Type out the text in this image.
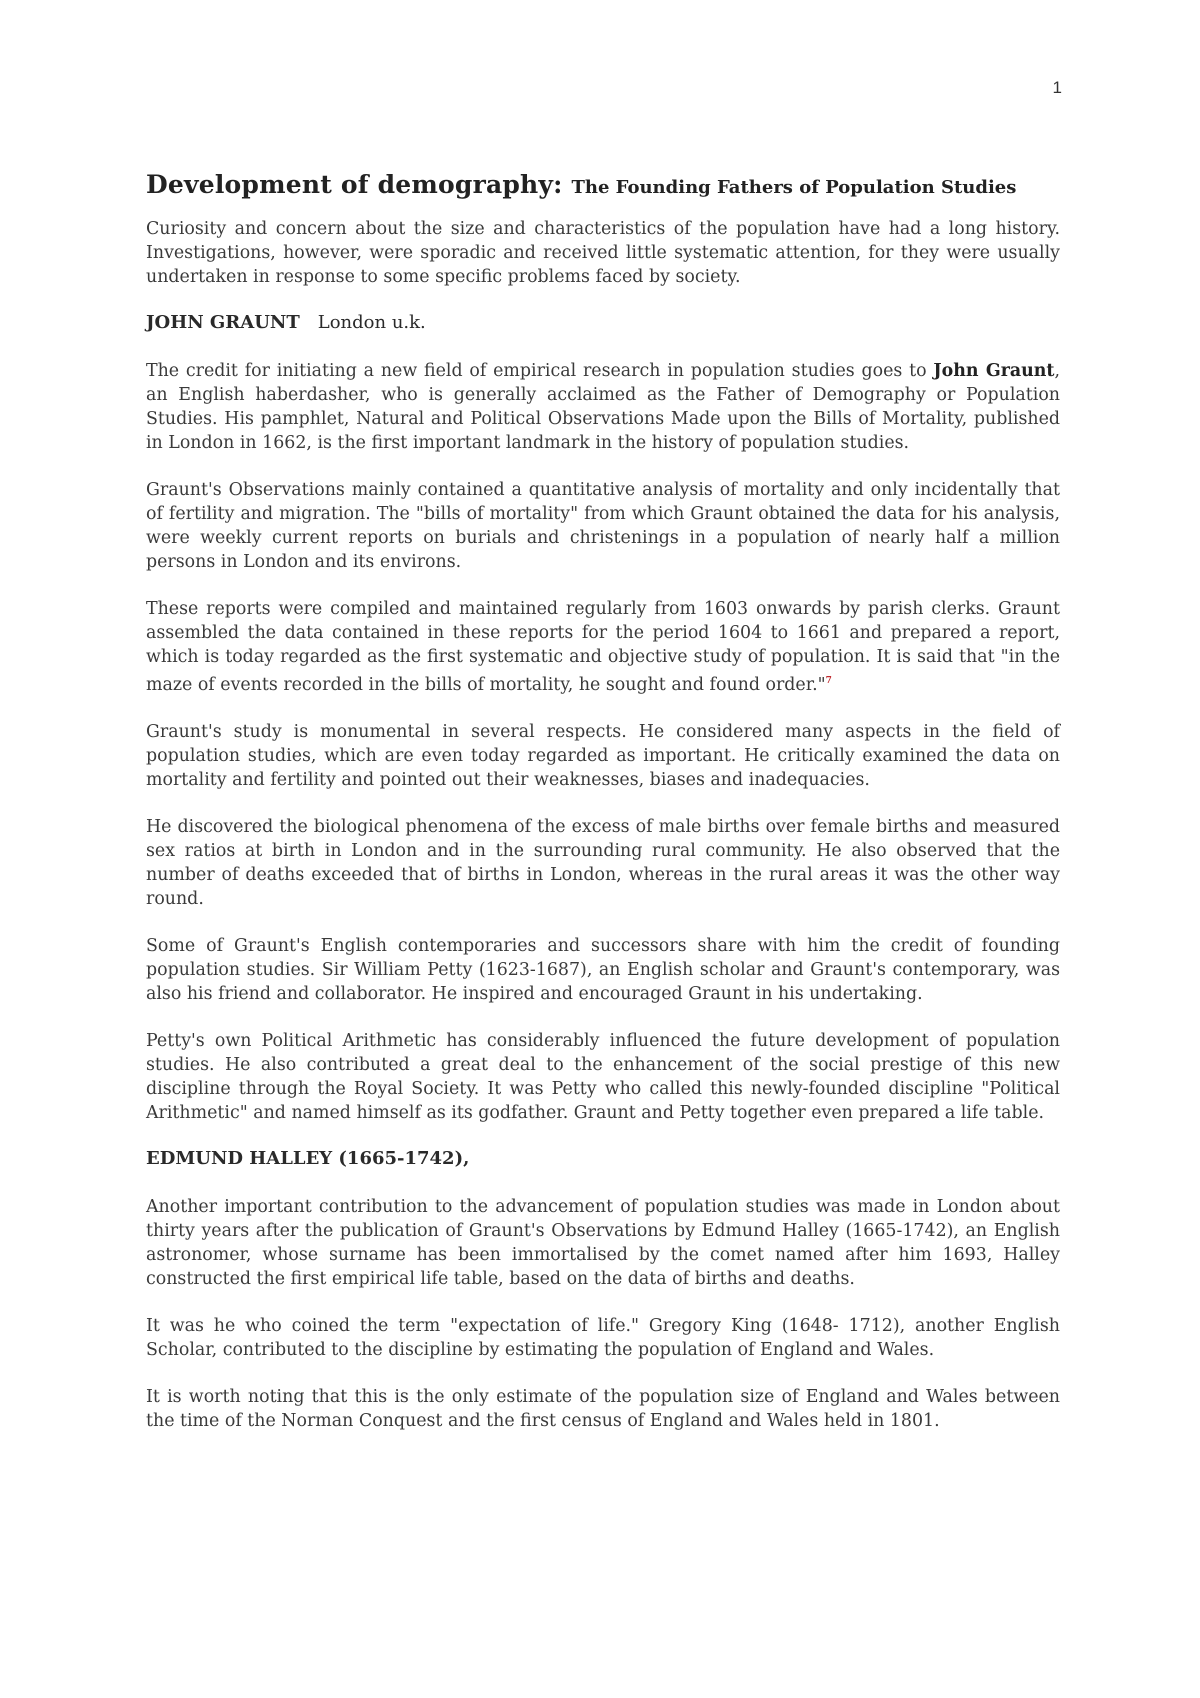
1
Development of demography: The Founding Fathers of Population Studies

Curiosity and concern about the size and characteristics of the population have had a long history. Investigations, however, were sporadic and received little systematic attention, for they were usually undertaken in response to some specific problems faced by society.

JOHN GRAUNT London u.k.

The credit for initiating a new field of empirical research in population studies goes to John Graunt, an English haberdasher, who is generally acclaimed as the Father of Demography or Population Studies. His pamphlet, Natural and Political Observations Made upon the Bills of Mortality, published in London in 1662, is the first important landmark in the history of population studies.

Graunt's Observations mainly contained a quantitative analysis of mortality and only incidentally that of fertility and migration. The "bills of mortality" from which Graunt obtained the data for his analysis, were weekly current reports on burials and christenings in a population of nearly half a million persons in London and its environs.

These reports were compiled and maintained regularly from 1603 onwards by parish clerks. Graunt assembled the data contained in these reports for the period 1604 to 1661 and prepared a report, which is today regarded as the first systematic and objective study of population. It is said that "in the maze of events recorded in the bills of mortality, he sought and found order."$^7$

Graunt's study is monumental in several respects. He considered many aspects in the field of population studies, which are even today regarded as important. He critically examined the data on mortality and fertility and pointed out their weaknesses, biases and inadequacies.

He discovered the biological phenomena of the excess of male births over female births and measured sex ratios at birth in London and in the surrounding rural community. He also observed that the number of deaths exceeded that of births in London, whereas in the rural areas it was the other way round.

Some of Graunt's English contemporaries and successors share with him the credit of founding population studies. Sir William Petty (1623-1687), an English scholar and Graunt's contemporary, was also his friend and collaborator. He inspired and encouraged Graunt in his undertaking.

Petty's own Political Arithmetic has considerably influenced the future development of population studies. He also contributed a great deal to the enhancement of the social prestige of this new discipline through the Royal Society. It was Petty who called this newly-founded discipline "Political Arithmetic" and named himself as its godfather. Graunt and Petty together even prepared a life table.

EDMUND HALLEY (1665-1742),

Another important contribution to the advancement of population studies was made in London about thirty years after the publication of Graunt's Observations by Edmund Halley (1665-1742), an English astronomer, whose surname has been immortalised by the comet named after him 1693, Halley constructed the first empirical life table, based on the data of births and deaths.

It was he who coined the term "expectation of life." Gregory King (1648- 1712), another English Scholar, contributed to the discipline by estimating the population of England and Wales.

It is worth noting that this is the only estimate of the population size of England and Wales between the time of the Norman Conquest and the first census of England and Wales held in 1801.
